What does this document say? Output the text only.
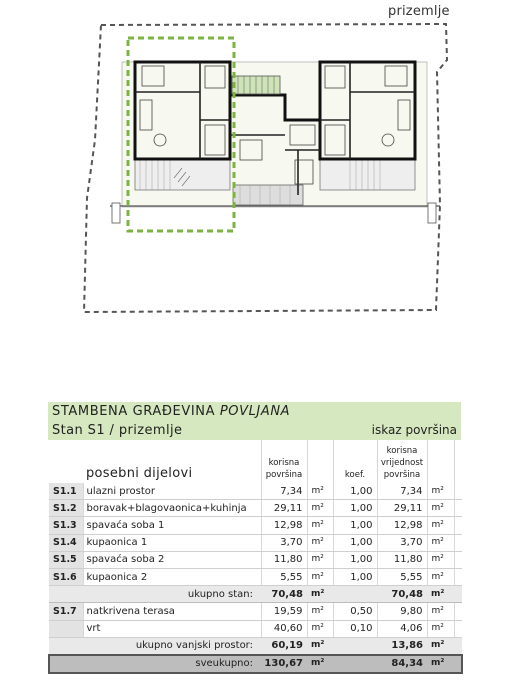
prizemlje
STAMBENA GRAĐEVINA POVLJANA
Stan S1 / prizemlje	iskaz površina
	posebni dijelovi	korisna površina		koef.	korisna vrijednost površina		
S1.1	ulazni prostor	7,34	m²	1,00	7,34	m²	
S1.2	boravak+blagovaonica+kuhinja	29,11	m²	1,00	29,11	m²	
S1.3	spavaća soba 1	12,98	m²	1,00	12,98	m²	
S1.4	kupaonica 1	3,70	m²	1,00	3,70	m²	
S1.5	spavaća soba 2	11,80	m²	1,00	11,80	m²	
S1.6	kupaonica 2	5,55	m²	1,00	5,55	m²	
	ukupno stan:	70,48	m²		70,48	m²	
S1.7	natkrivena terasa	19,59	m²	0,50	9,80	m²	
	vrt	40,60	m²	0,10	4,06	m²	
	ukupno vanjski prostor:	60,19	m²		13,86	m²	
	sveukupno:	130,67	m²		84,34	m²	
